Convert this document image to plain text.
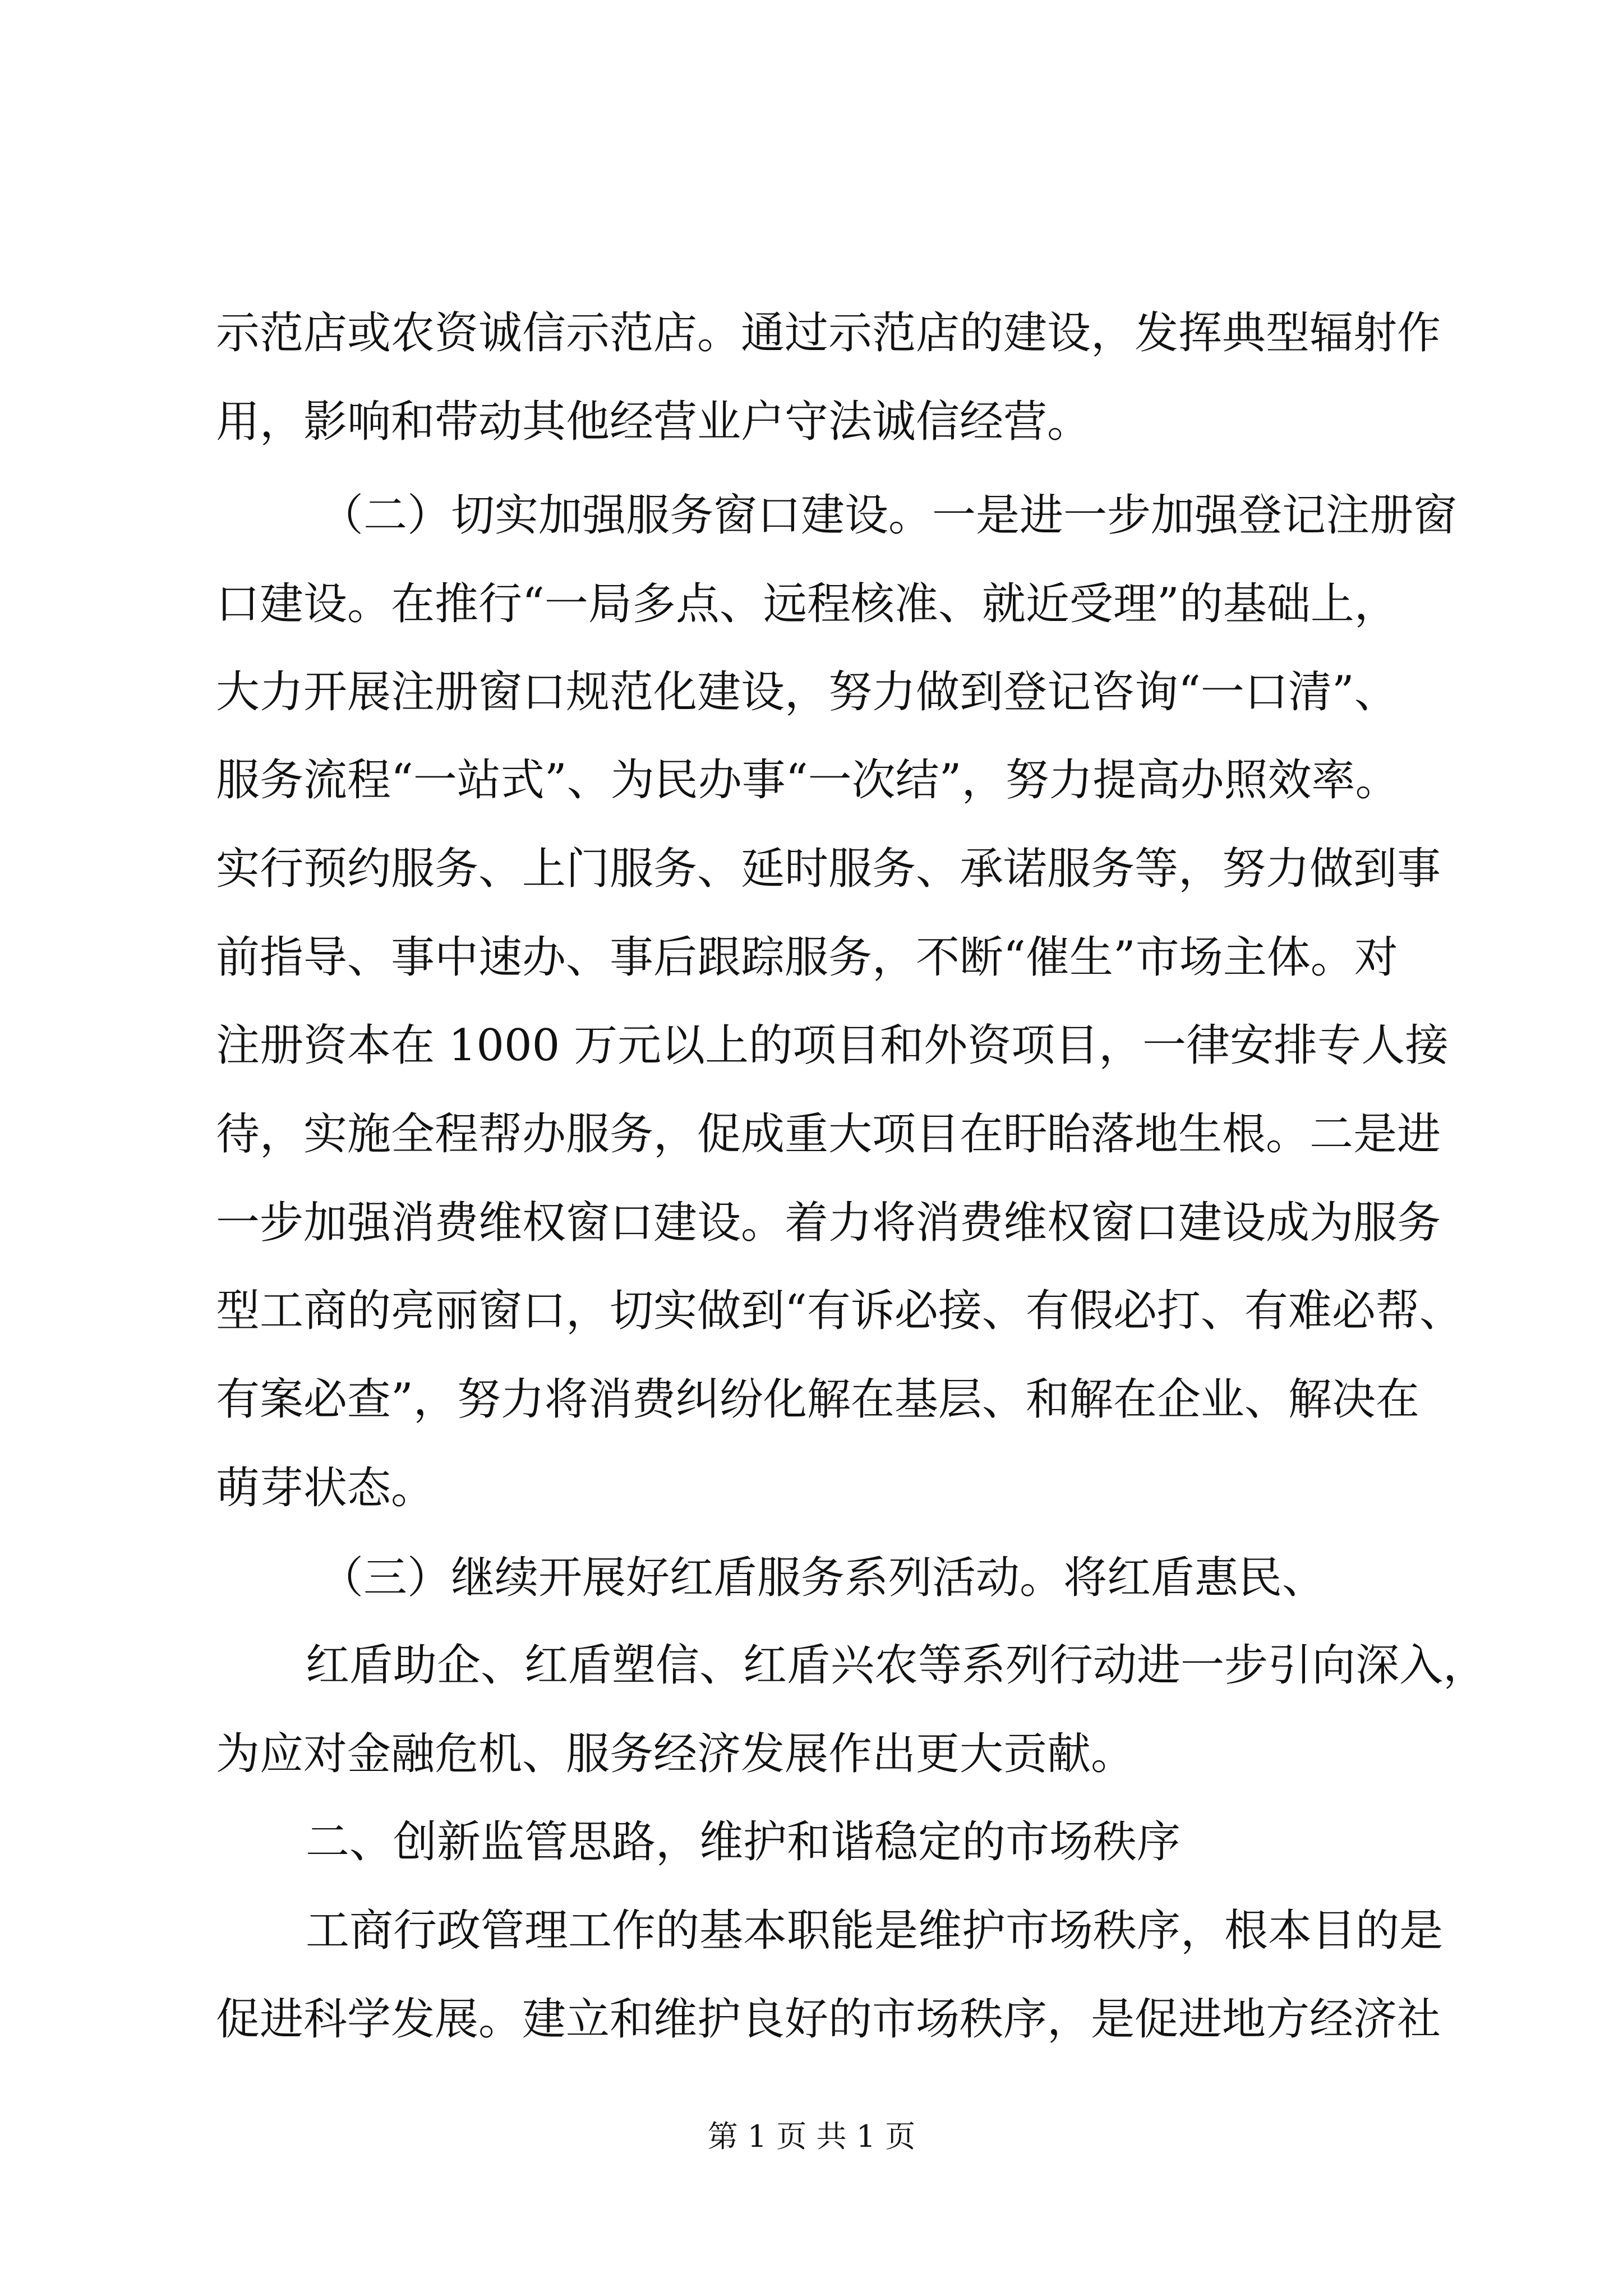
示范店或农资诚信示范店。通过示范店的建设，发挥典型辐射作
用，影响和带动其他经营业户守法诚信经营。
（二）切实加强服务窗口建设。一是进一步加强登记注册窗
口建设。在推行“一局多点、远程核准、就近受理”的基础上，
大力开展注册窗口规范化建设，努力做到登记咨询“一口清”、
服务流程“一站式”、为民办事“一次结”，努力提高办照效率。
实行预约服务、上门服务、延时服务、承诺服务等，努力做到事
前指导、事中速办、事后跟踪服务，不断“催生”市场主体。对
注册资本在 1000 万元以上的项目和外资项目，一律安排专人接
待，实施全程帮办服务，促成重大项目在盱眙落地生根。二是进
一步加强消费维权窗口建设。着力将消费维权窗口建设成为服务
型工商的亮丽窗口，切实做到“有诉必接、有假必打、有难必帮、
有案必查”，努力将消费纠纷化解在基层、和解在企业、解决在
萌芽状态。
（三）继续开展好红盾服务系列活动。将红盾惠民、
红盾助企、红盾塑信、红盾兴农等系列行动进一步引向深入，
为应对金融危机、服务经济发展作出更大贡献。
二、创新监管思路，维护和谐稳定的市场秩序
工商行政管理工作的基本职能是维护市场秩序，根本目的是
促进科学发展。建立和维护良好的市场秩序，是促进地方经济社
第 1 页 共 1 页
